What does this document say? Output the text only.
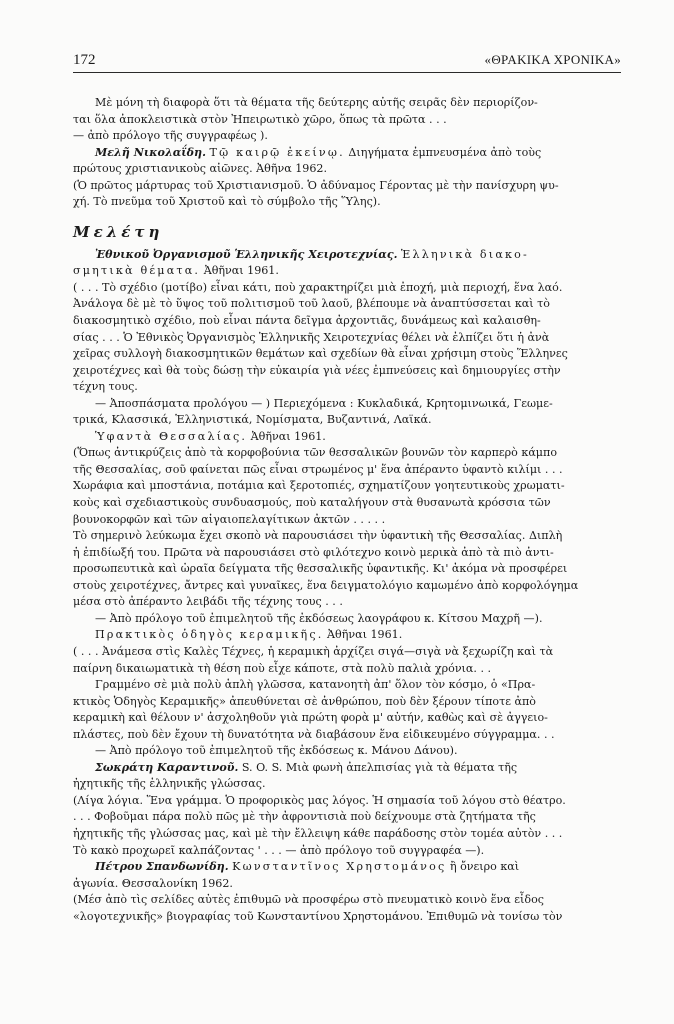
172	«ΘΡΑΚΙΚΑ ΧΡΟΝΙΚΑ»

Μὲ μόνη τὴ διαφορὰ ὅτι τὰ θέματα τῆς δεύτερης αὐτῆς σειρᾶς δὲν περιορίζον-

ται ὅλα ἀποκλειστικὰ στὸν Ἠπειρωτικὸ χῶρο, ὅπως τὰ πρῶτα . . .

— ἀπὸ πρόλογο τῆς συγγραφέως ).

Μελῆ Νικολαΐδη. Τῷ καιρῷ ἐκείνῳ. Διηγήματα ἐμπνευσμένα ἀπὸ τοὺς

πρώτους χριστιανικοὺς αἰῶνες. Ἀθῆνα 1962.

(Ὁ πρῶτος μάρτυρας τοῦ Χριστιανισμοῦ. Ὁ ἀδύναμος Γέροντας μὲ τὴν πανίσχυρη ψυ-

χή. Τὸ πνεῦμα τοῦ Χριστοῦ καὶ τὸ σύμβολο τῆς Ὕλης).

Μελέτη

Ἐθνικοῦ Ὀργανισμοῦ Ἑλληνικῆς Χειροτεχνίας. Ἑλληνικὰ διακο-

σμητικὰ θέματα. Ἀθῆναι 1961.

( . . . Τὸ σχέδιο (μοτίβο) εἶναι κάτι, ποὺ χαρακτηρίζει μιὰ ἐποχή, μιὰ περιοχή, ἕνα λαό.

Ἀνάλογα δὲ μὲ τὸ ὕψος τοῦ πολιτισμοῦ τοῦ λαοῦ, βλέπουμε νὰ ἀναπτύσσεται καὶ τὸ

διακοσμητικὸ σχέδιο, ποὺ εἶναι πάντα δεῖγμα ἀρχοντιᾶς, δυνάμεως καὶ καλαισθη-

σίας . . . Ὁ Ἐθνικὸς Ὀργανισμὸς Ἑλληνικῆς Χειροτεχνίας θέλει νὰ ἐλπίζει ὅτι ἡ ἀνὰ

χεῖρας συλλογὴ διακοσμητικῶν θεμάτων καὶ σχεδίων θὰ εἶναι χρήσιμη στοὺς Ἕλληνες

χειροτέχνες καὶ θὰ τοὺς δώσῃ τὴν εὐκαιρία γιὰ νέες ἐμπνεύσεις καὶ δημιουργίες στὴν

τέχνη τους.

— Ἀποσπάσματα προλόγου — ) Περιεχόμενα : Κυκλαδικά, Κρητομινωικά, Γεωμε-

τρικά, Κλασσικά, Ἑλληνιστικά, Νομίσματα, Βυζαντινά, Λαϊκά.

Ὑφαντὰ Θεσσαλίας. Ἀθῆναι 1961.

(Ὅπως ἀντικρύζεις ἀπὸ τὰ κορφοβούνια τῶν θεσσαλικῶν βουνῶν τὸν καρπερὸ κάμπο

τῆς Θεσσαλίας, σοῦ φαίνεται πῶς εἶναι στρωμένος μ' ἕνα ἀπέραντο ὑφαντὸ κιλίμι . . .

Χωράφια καὶ μποστάνια, ποτάμια καὶ ξεροτοπιές, σχηματίζουν γοητευτικοὺς χρωματι-

κοὺς καὶ σχεδιαστικοὺς συνδυασμούς, ποὺ καταλήγουν στὰ θυσανωτὰ κρόσσια τῶν

βουνοκορφῶν καὶ τῶν αἰγαιοπελαγίτικων ἀκτῶν . . . . .

Τὸ σημερινὸ λεύκωμα ἔχει σκοπὸ νὰ παρουσιάσει τὴν ὑφαντικὴ τῆς Θεσσαλίας. Διπλὴ

ἡ ἐπιδίωξή του. Πρῶτα νὰ παρουσιάσει στὸ φιλότεχνο κοινὸ μερικὰ ἀπὸ τὰ πιὸ ἀντι-

προσωπευτικὰ καὶ ὡραῖα δείγματα τῆς θεσσαλικῆς ὑφαντικῆς. Κι' ἀκόμα νὰ προσφέρει

στοὺς χειροτέχνες, ἄντρες καὶ γυναῖκες, ἕνα δειγματολόγιο καμωμένο ἀπὸ κορφολόγημα

μέσα στὸ ἀπέραντο λειβάδι τῆς τέχνης τους . . .

— Ἀπὸ πρόλογο τοῦ ἐπιμελητοῦ τῆς ἐκδόσεως λαογράφου κ. Κίτσου Μαχρῆ —).

Πρακτικὸς ὁδηγὸς κεραμικῆς. Ἀθῆναι 1961.

( . . . Ἀνάμεσα στὶς Καλὲς Τέχνες, ἡ κεραμικὴ ἀρχίζει σιγά—σιγὰ νὰ ξεχωρίζη καὶ τὰ

παίρνη δικαιωματικὰ τὴ θέση ποὺ εἶχε κάποτε, στὰ πολὺ παλιὰ χρόνια. . .

Γραμμένο σὲ μιὰ πολὺ ἁπλὴ γλῶσσα, κατανοητὴ ἀπ' ὅλον τὸν κόσμο, ὁ «Πρα-

κτικὸς Ὁδηγὸς Κεραμικῆς» ἀπευθύνεται σὲ ἀνθρώπου, ποὺ δὲν ξέρουν τίποτε ἀπὸ

κεραμικὴ καὶ θέλουν ν' ἀσχοληθοῦν γιὰ πρώτη φορὰ μ' αὐτήν, καθὼς καὶ σὲ ἀγγειο-

πλάστες, ποὺ δὲν ἔχουν τὴ δυνατότητα νὰ διαβάσουν ἕνα εἰδικευμένο σύγγραμμα. . .

— Ἀπὸ πρόλογο τοῦ ἐπιμελητοῦ τῆς ἐκδόσεως κ. Μάνου Δάνου).

Σωκράτη Καραντινοῦ. S. O. S. Μιὰ φωνὴ ἀπελπισίας γιὰ τὰ θέματα τῆς

ἠχητικῆς τῆς ἑλληνικῆς γλώσσας.

(Λίγα λόγια. Ἕνα γράμμα. Ὁ προφορικὸς μας λόγος. Ἡ σημασία τοῦ λόγου στὸ θέατρο.

. . . Φοβοῦμαι πάρα πολὺ πῶς μὲ τὴν ἀφροντισιὰ ποὺ δείχνουμε στὰ ζητήματα τῆς

ἠχητικῆς τῆς γλώσσας μας, καὶ μὲ τὴν ἔλλειψη κάθε παράδοσης στὸν τομέα αὐτὸν . . .

Τὸ κακὸ προχωρεῖ καλπάζοντας ' . . . — ἀπὸ πρόλογο τοῦ συγγραφέα —).

Πέτρου Σπανδωνίδη. Κωνσταντῖνος Χρηστομάνος ἢ ὄνειρο καὶ

ἀγωνία. Θεσσαλονίκη 1962.

(Μέσ ἀπὸ τὶς σελίδες αὐτὲς ἐπιθυμῶ νὰ προσφέρω στὸ πνευματικὸ κοινὸ ἕνα εἶδος

«λογοτεχνικῆς» βιογραφίας τοῦ Κωνσταντίνου Χρηστομάνου. Ἐπιθυμῶ νὰ τονίσω τὸν
